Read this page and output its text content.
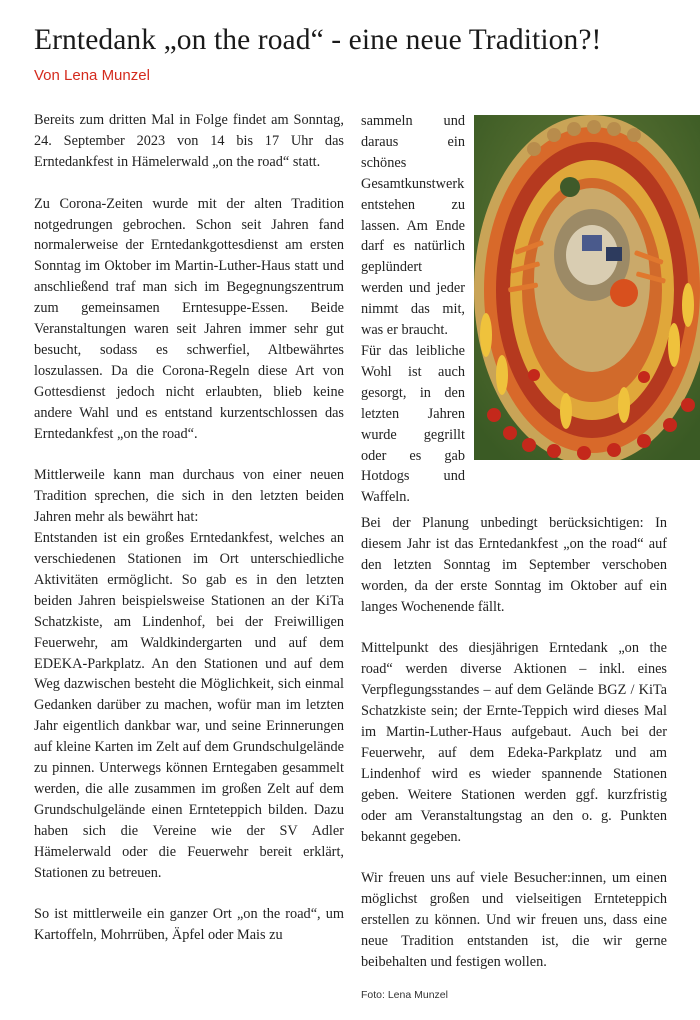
Erntedank „on the road“ - eine neue Tradition?!
Von Lena Munzel

Bereits zum dritten Mal in Folge findet am Sonntag, 24. September 2023 von 14 bis 17 Uhr das Erntedankfest in Hämelerwald „on the road“ statt.

Zu Corona-Zeiten wurde mit der alten Tradition notgedrungen gebrochen. Schon seit Jahren fand normalerweise der Erntedankgottesdienst am ersten Sonntag im Oktober im Martin-Luther-Haus statt und anschließend traf man sich im Begegnungszentrum zum gemeinsamen Erntesuppe-Essen. Beide Veranstaltungen waren seit Jahren immer sehr gut besucht, sodass es schwerfiel, Altbewährtes loszulassen. Da die Corona-Regeln diese Art von Gottesdienst jedoch nicht erlaubten, blieb keine andere Wahl und es entstand kurzentschlossen das Erntedankfest „on the road“.

Mittlerweile kann man durchaus von einer neuen Tradition sprechen, die sich in den letzten beiden Jahren mehr als bewährt hat:

Entstanden ist ein großes Erntedankfest, welches an verschiedenen Stationen im Ort unterschiedliche Aktivitäten ermöglicht. So gab es in den letzten beiden Jahren beispielsweise Stationen an der KiTa Schatzkiste, am Lindenhof, bei der Freiwilligen Feuerwehr, am Waldkindergarten und auf dem EDEKA-Parkplatz. An den Stationen und auf dem Weg dazwischen besteht die Möglichkeit, sich einmal Gedanken darüber zu machen, wofür man im letzten Jahr eigentlich dankbar war, und seine Erinnerungen auf kleine Karten im Zelt auf dem Grundschulgelände zu pinnen. Unterwegs können Erntegaben gesammelt werden, die alle zusammen im großen Zelt auf dem Grundschulgelände einen Ernteteppich bilden. Dazu haben sich die Vereine wie der SV Adler Hämelerwald oder die Feuerwehr bereit erklärt, Stationen zu betreuen.

So ist mittlerweile ein ganzer Ort „on the road“, um Kartoffeln, Mohrrüben, Äpfel oder Mais zu

sammeln und daraus ein schönes Gesamtkunstwerk entstehen zu lassen. Am Ende darf es natürlich geplündert werden und jeder nimmt das mit, was er braucht.

Für das leibliche Wohl ist auch gesorgt, in den letzten Jahren wurde gegrillt oder es gab Hotdogs und Waffeln.

Bei der Planung unbedingt berücksichtigen: In diesem Jahr ist das Erntedankfest „on the road“ auf den letzten Sonntag im September verschoben worden, da der erste Sonntag im Oktober auf ein langes Wochenende fällt.

Mittelpunkt des diesjährigen Erntedank „on the road“ werden diverse Aktionen – inkl. eines Verpflegungsstandes – auf dem Gelände BGZ / KiTa Schatzkiste sein; der Ernte-Teppich wird dieses Mal im Martin-Luther-Haus aufgebaut. Auch bei der Feuerwehr, auf dem Edeka-Parkplatz und am Lindenhof wird es wieder spannende Stationen geben. Weitere Stationen werden ggf. kurzfristig oder am Veranstaltungstag an den o. g. Punkten bekannt gegeben.

Wir freuen uns auf viele Besucher:innen, um einen möglichst großen und vielseitigen Ernteteppich erstellen zu können. Und wir freuen uns, dass eine neue Tradition entstanden ist, die wir gerne beibehalten und festigen wollen.

Foto: Lena Munzel
